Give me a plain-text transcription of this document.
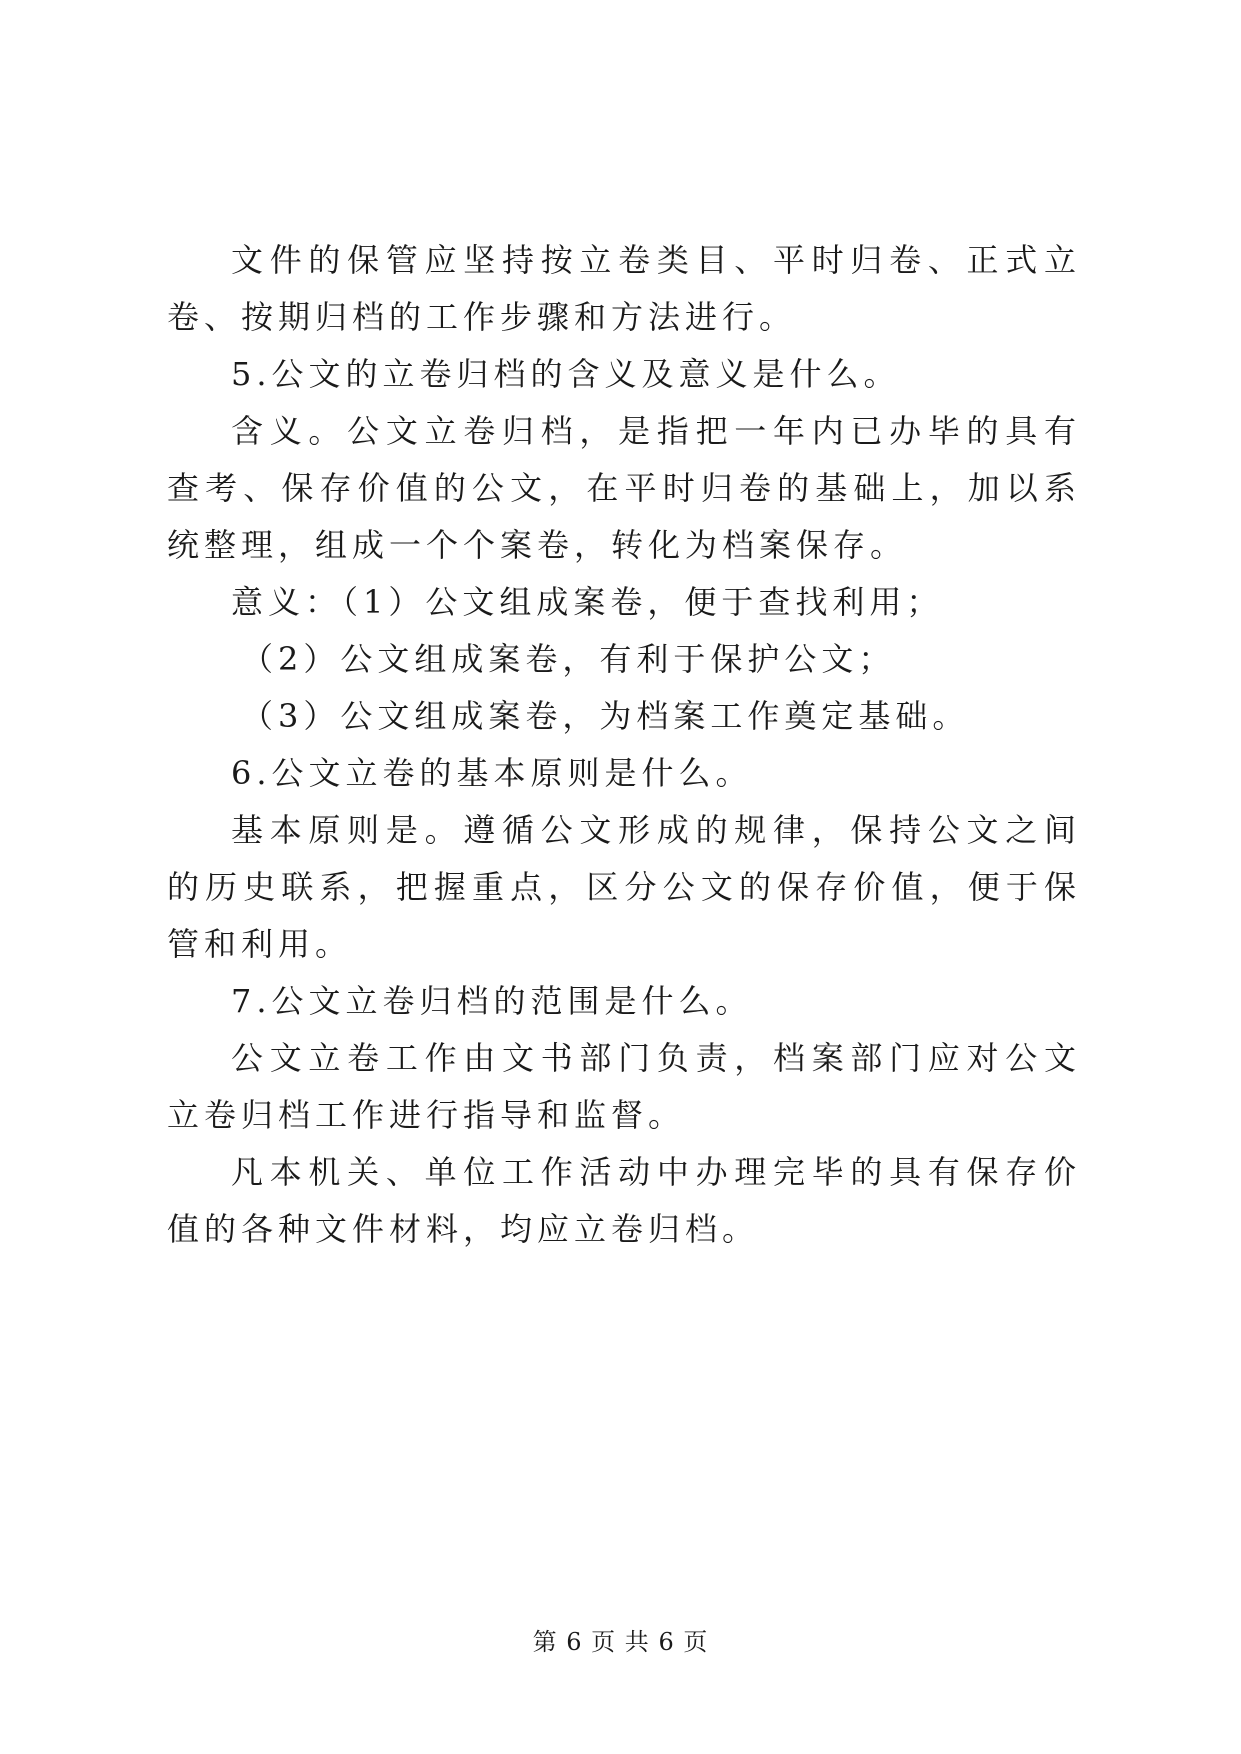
文件的保管应坚持按立卷类目、平时归卷、正式立卷、按期归档的工作步骤和方法进行。

5.公文的立卷归档的含义及意义是什么。

含义。公文立卷归档，是指把一年内已办毕的具有查考、保存价值的公文，在平时归卷的基础上，加以系统整理，组成一个个案卷，转化为档案保存。

意义：（1）公文组成案卷，便于查找利用；

（2）公文组成案卷，有利于保护公文；

（3）公文组成案卷，为档案工作奠定基础。

6.公文立卷的基本原则是什么。

基本原则是。遵循公文形成的规律，保持公文之间的历史联系，把握重点，区分公文的保存价值，便于保管和利用。

7.公文立卷归档的范围是什么。

公文立卷工作由文书部门负责，档案部门应对公文立卷归档工作进行指导和监督。

凡本机关、单位工作活动中办理完毕的具有保存价值的各种文件材料，均应立卷归档。

第 6 页 共 6 页
